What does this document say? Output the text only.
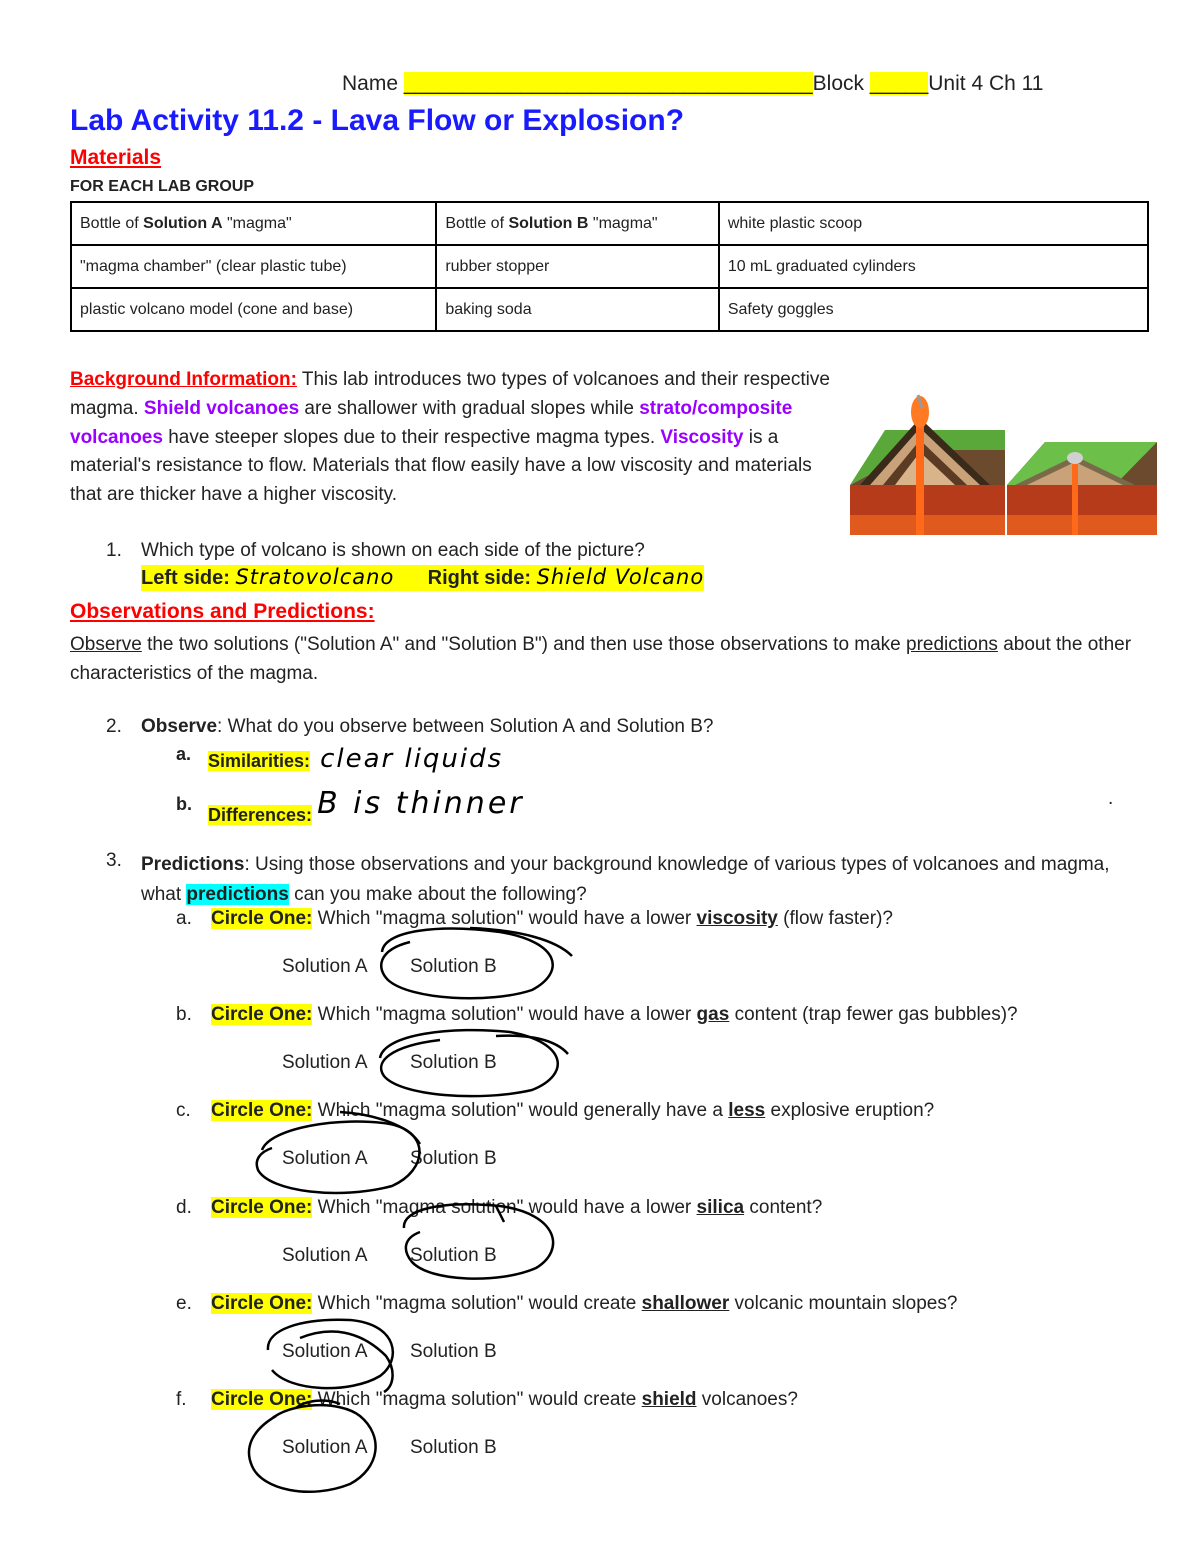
Name ___________________________________Block _____Unit 4 Ch 11
Lab Activity 11.2 - Lava Flow or Explosion?
Materials
FOR EACH LAB GROUP
Bottle of Solution A "magma"	Bottle of Solution B "magma"	white plastic scoop
"magma chamber" (clear plastic tube)	rubber stopper	10 mL graduated cylinders
plastic volcano model (cone and base)	baking soda	Safety goggles
Background Information: This lab introduces two types of volcanoes and their respective magma. Shield volcanoes are shallower with gradual slopes while strato/composite volcanoes have steeper slopes due to their respective magma types. Viscosity is a material's resistance to flow. Materials that flow easily have a low viscosity and materials that are thicker have a higher viscosity.
1. Which type of volcano is shown on each side of the picture?
Left side: Stratovolcano Right side: Shield Volcano
Observations and Predictions:
Observe the two solutions ("Solution A" and "Solution B") and then use those observations to make predictions about the other characteristics of the magma.
2. Observe: What do you observe between Solution A and Solution B?
a. Similarities: clear liquids
b.
Differences: B is thinner	.
3. Predictions: Using those observations and your background knowledge of various types of volcanoes and magma, what predictions can you make about the following?
a. Circle One: Which "magma solution" would have a lower viscosity (flow faster)?
Solution A Solution B
b. Circle One: Which "magma solution" would have a lower gas content (trap fewer gas bubbles)?
Solution A Solution B
c. Circle One: Which "magma solution" would generally have a less explosive eruption?
Solution A Solution B
d. Circle One: Which "magma solution" would have a lower silica content?
Solution A Solution B
e. Circle One: Which "magma solution" would create shallower volcanic mountain slopes?
Solution A Solution B
f. Circle One: Which "magma solution" would create shield volcanoes?
Solution A Solution B
